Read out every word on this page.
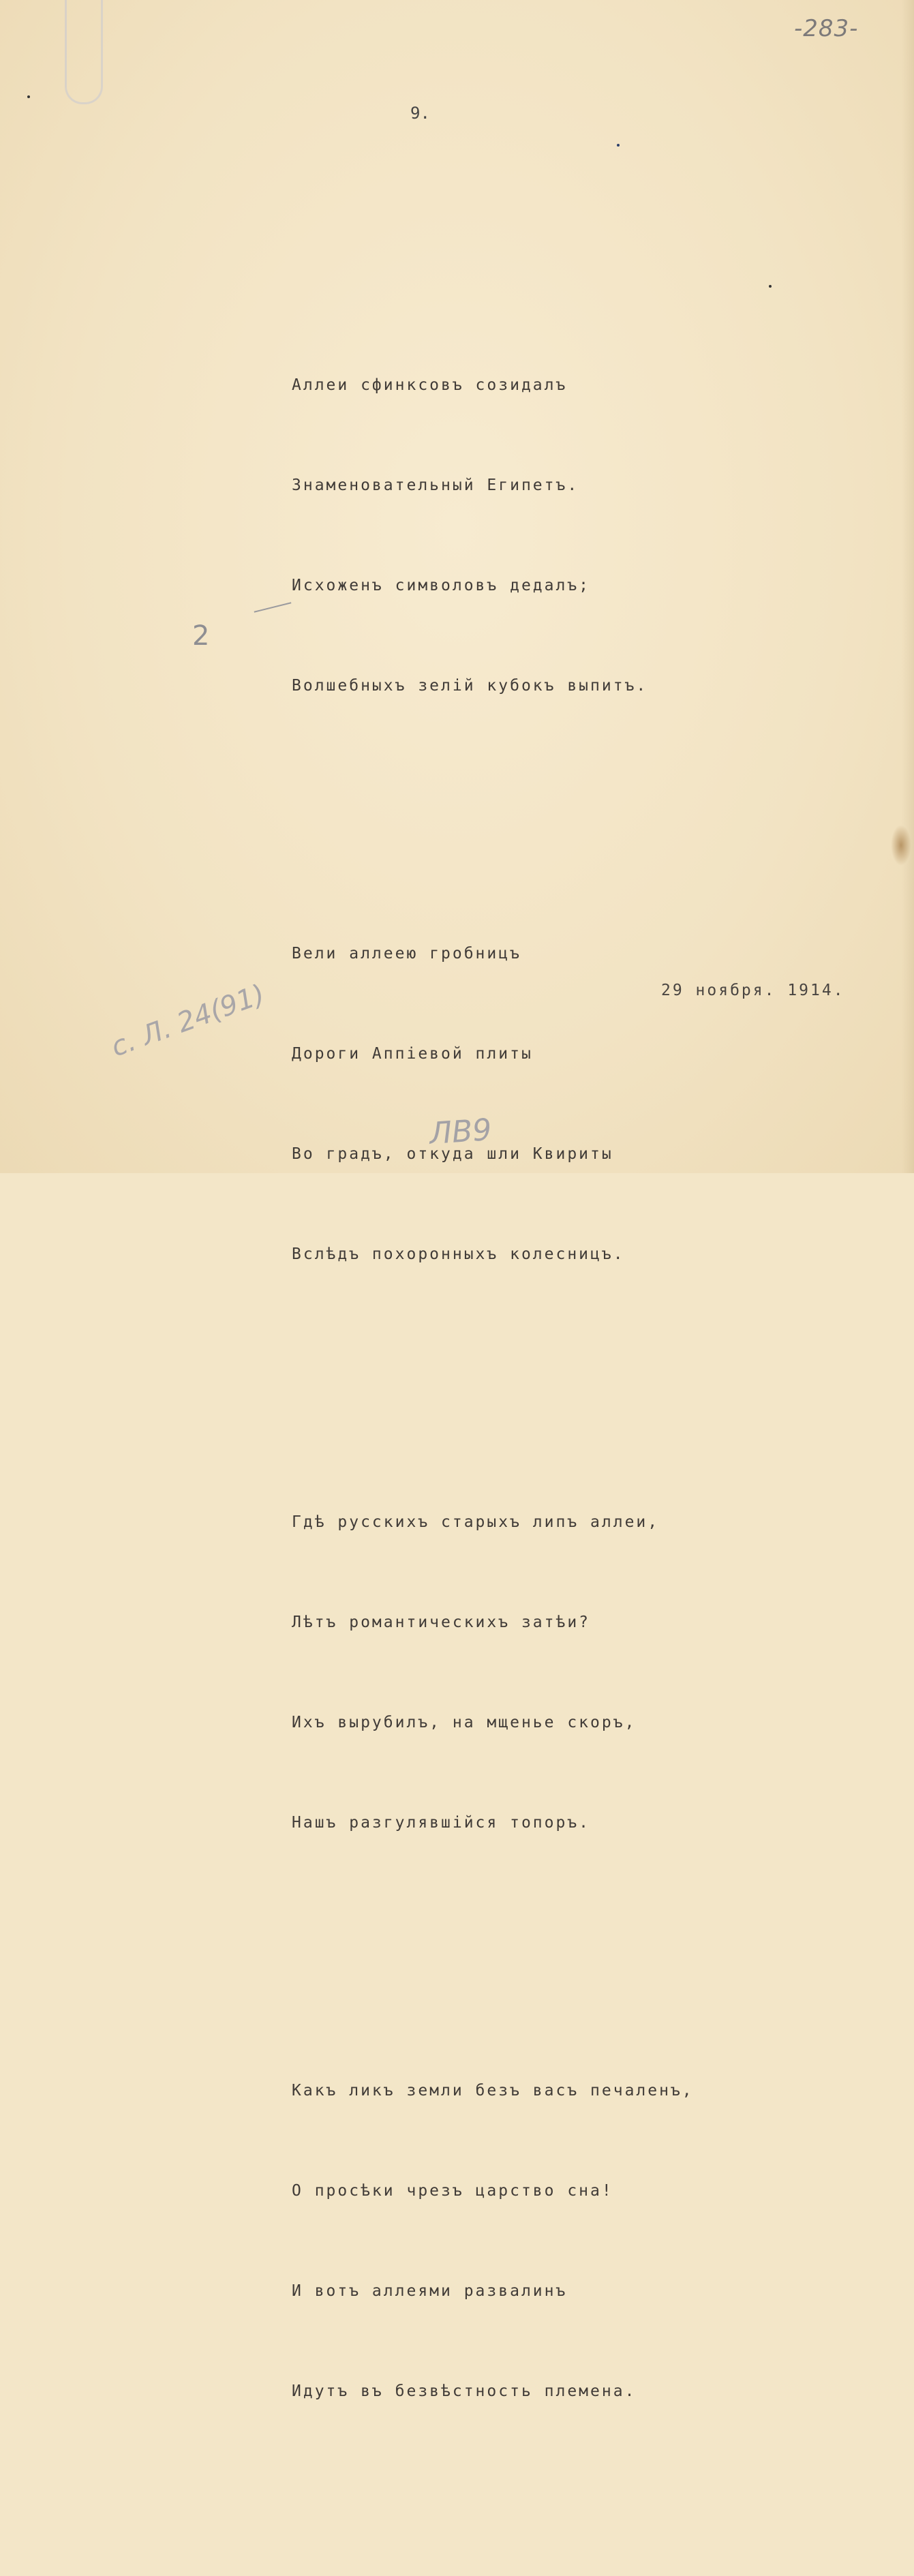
-283-
9.

Аллеи сфинксовъ созидалъ

Знаменовательный Египетъ.

Исхоженъ символовъ дедалъ;

Волшебныхъ зелій кубокъ выпитъ.

Вели аллеею гробницъ

Дороги Аппіевой плиты

Во градъ, откуда шли Квириты

Вслѣдъ похоронныхъ колесницъ.

Гдѣ русскихъ старыхъ липъ аллеи,

Лѣтъ романтическихъ затѣи?

Ихъ вырубилъ, на мщенье скоръ,

Нашъ разгулявшійся топоръ.

Какъ ликъ земли безъ васъ печаленъ,

О просѣки чрезъ царство сна!

И вотъ аллеями развалинъ

Идутъ въ безвѣстность племена.

2
29 ноября. 1914.
с. Л. 24(91)
ЛВ9
